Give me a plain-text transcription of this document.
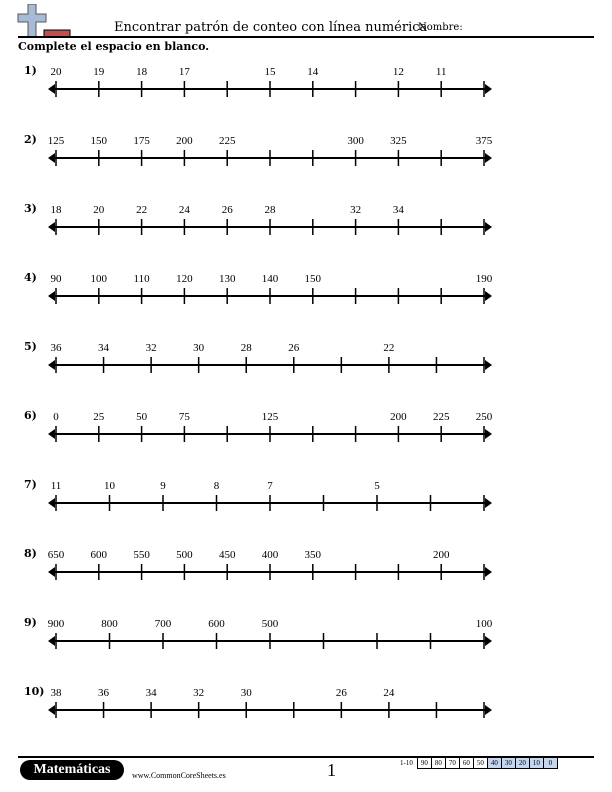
Encontrar patrón de conteo con línea numérica
Nombre:
Complete el espacio en blanco.
1) 20	19	18	17	15	14	12	11
2) 125 150 175 200 225	300 325	375
3) 18	20	22	24	26	28	32	34
4) 90	100 110 120 130 140 150	190
5) 36	34	32	30	28	26	22
6) 0	25	50	75	125	200 225 250
7) 11	10	9	8	7	5
8) 650 600 550 500 450 400 350	200
9) 900	800	700	600	500	100
10) 38	36	34	32	30	26	24
Matemáticas	www.CommonCoreSheets.es	1	1-10	90	80	70	60	50	40	30	20	10	0
